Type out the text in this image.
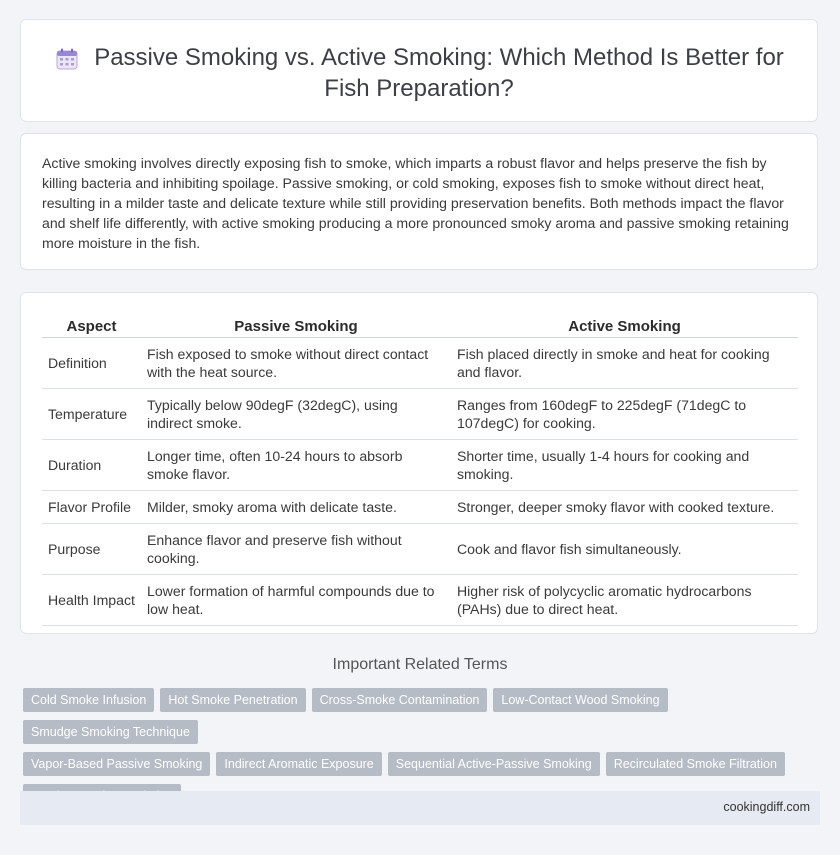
Passive Smoking vs. Active Smoking: Which Method Is Better for
Fish Preparation?

Active smoking involves directly exposing fish to smoke, which imparts a robust flavor and helps preserve the fish by killing bacteria and inhibiting spoilage. Passive smoking, or cold smoking, exposes fish to smoke without direct heat, resulting in a milder taste and delicate texture while still providing preservation benefits. Both methods impact the flavor and shelf life differently, with active smoking producing a more pronounced smoky aroma and passive smoking retaining more moisture in the fish.

Aspect	Passive Smoking	Active Smoking
Definition	Fish exposed to smoke without direct contact with the heat source.	Fish placed directly in smoke and heat for cooking and flavor.
Temperature	Typically below 90degF (32degC), using indirect smoke.	Ranges from 160degF to 225degF (71degC to 107degC) for cooking.
Duration	Longer time, often 10-24 hours to absorb smoke flavor.	Shorter time, usually 1-4 hours for cooking and smoking.
Flavor Profile	Milder, smoky aroma with delicate taste.	Stronger, deeper smoky flavor with cooked texture.
Purpose	Enhance flavor and preserve fish without cooking.	Cook and flavor fish simultaneously.
Health Impact	Lower formation of harmful compounds due to low heat.	Higher risk of polycyclic aromatic hydrocarbons (PAHs) due to direct heat.
Important Related Terms
Cold Smoke Infusion Hot Smoke Penetration Cross-Smoke Contamination Low-Contact Wood SmokingSmudge Smoking Technique
Vapor-Based Passive Smoking Indirect Aromatic Exposure Sequential Active-Passive Smoking Recirculated Smoke Filtration

cookingdiff.com
